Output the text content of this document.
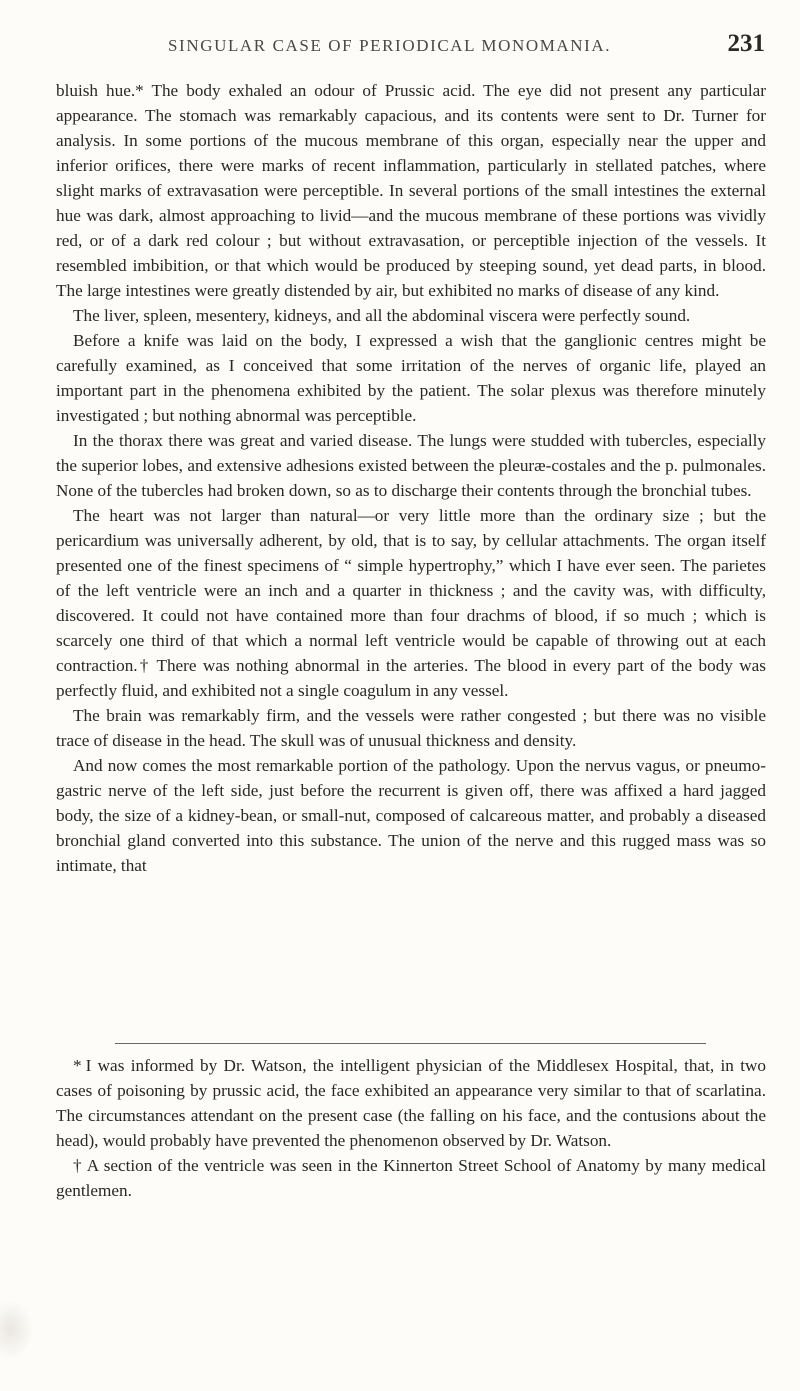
SINGULAR CASE OF PERIODICAL MONOMANIA.	231

bluish hue.* The body exhaled an odour of Prussic acid. The eye did not present any particular appearance. The stomach was remarkably capacious, and its contents were sent to Dr. Turner for analysis. In some portions of the mucous membrane of this organ, especially near the upper and inferior orifices, there were marks of recent inflammation, particularly in stellated patches, where slight marks of extravasation were perceptible. In several portions of the small intestines the external hue was dark, almost approaching to livid—and the mucous membrane of these portions was vividly red, or of a dark red colour ; but without extravasation, or perceptible injection of the vessels. It resembled imbibition, or that which would be produced by steeping sound, yet dead parts, in blood. The large intestines were greatly distended by air, but exhibited no marks of disease of any kind.

The liver, spleen, mesentery, kidneys, and all the abdominal viscera were perfectly sound.

Before a knife was laid on the body, I expressed a wish that the ganglionic centres might be carefully examined, as I conceived that some irritation of the nerves of organic life, played an important part in the phenomena exhibited by the patient. The solar plexus was therefore minutely investigated ; but nothing abnormal was perceptible.

In the thorax there was great and varied disease. The lungs were studded with tubercles, especially the superior lobes, and extensive adhesions existed between the pleuræ-costales and the p. pulmonales. None of the tubercles had broken down, so as to discharge their contents through the bronchial tubes.

The heart was not larger than natural—or very little more than the ordinary size ; but the pericardium was universally adherent, by old, that is to say, by cellular attachments. The organ itself presented one of the finest specimens of “ simple hypertrophy,” which I have ever seen. The parietes of the left ventricle were an inch and a quarter in thickness ; and the cavity was, with difficulty, discovered. It could not have contained more than four drachms of blood, if so much ; which is scarcely one third of that which a normal left ventricle would be capable of throwing out at each contraction.† There was nothing abnormal in the arteries. The blood in every part of the body was perfectly fluid, and exhibited not a single coagulum in any vessel.

The brain was remarkably firm, and the vessels were rather congested ; but there was no visible trace of disease in the head. The skull was of unusual thickness and density.

And now comes the most remarkable portion of the pathology. Upon the nervus vagus, or pneumo-gastric nerve of the left side, just before the recurrent is given off, there was affixed a hard jagged body, the size of a kidney-bean, or small-nut, composed of calcareous matter, and probably a diseased bronchial gland converted into this substance. The union of the nerve and this rugged mass was so intimate, that

* I was informed by Dr. Watson, the intelligent physician of the Middlesex Hospital, that, in two cases of poisoning by prussic acid, the face exhibited an appearance very similar to that of scarlatina. The circumstances attendant on the present case (the falling on his face, and the contusions about the head), would probably have prevented the phenomenon observed by Dr. Watson.

† A section of the ventricle was seen in the Kinnerton Street School of Anatomy by many medical gentlemen.
